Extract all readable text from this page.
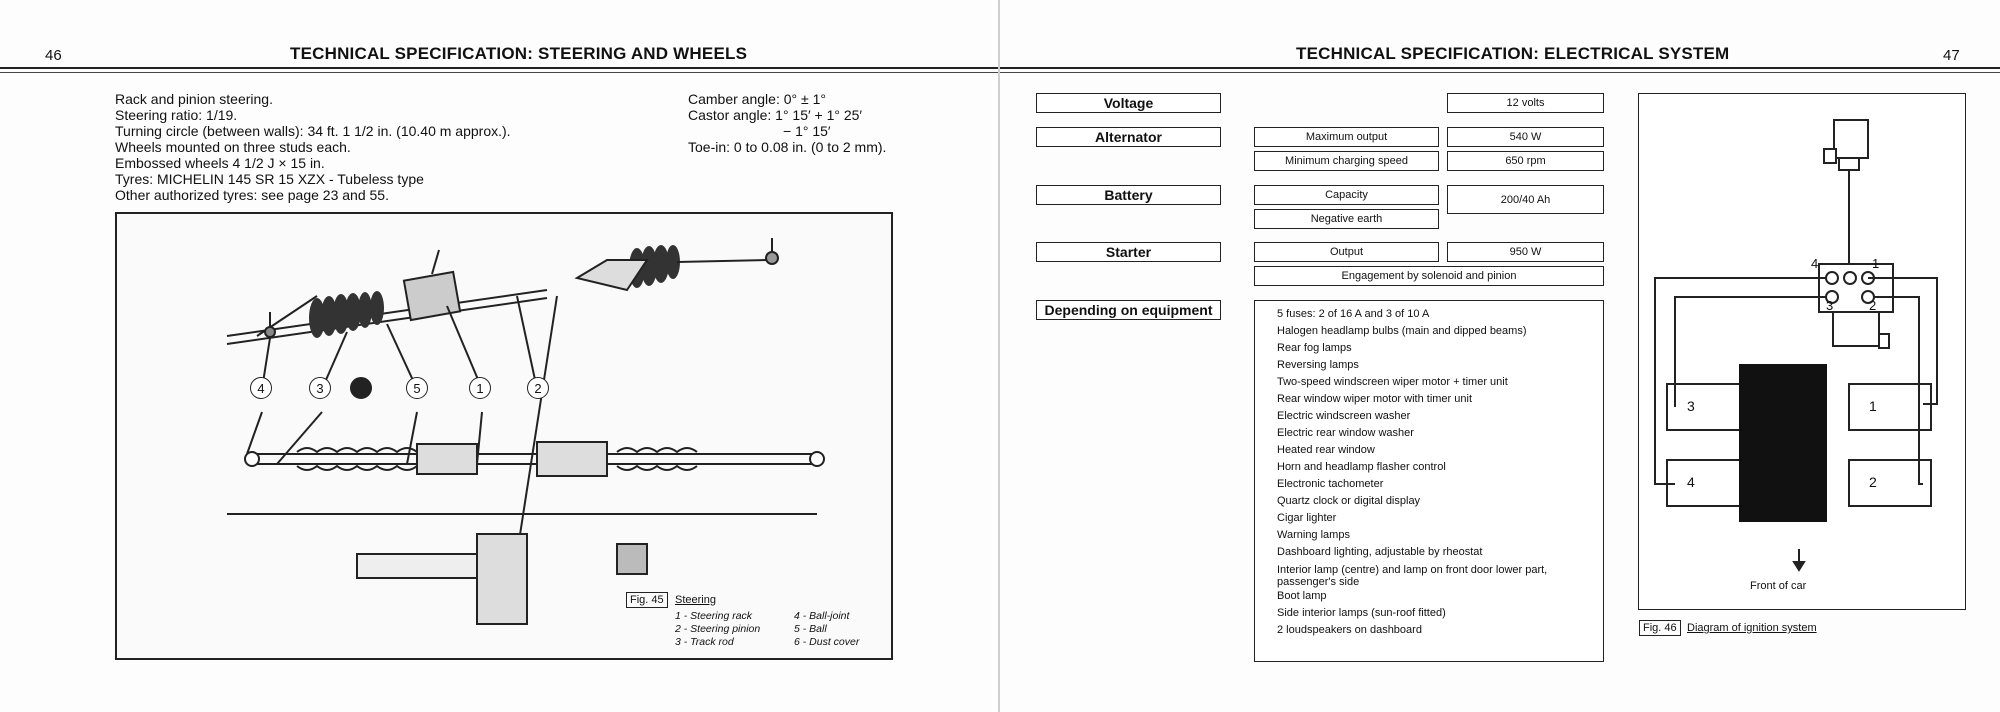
46	TECHNICAL SPECIFICATION: STEERING AND WHEELS
Rack and pinion steering.
Steering ratio: 1/19.
Turning circle (between walls): 34 ft. 1 1/2 in. (10.40 m approx.).
Wheels mounted on three studs each.
Embossed wheels 4 1/2 J × 15 in.
Tyres: MICHELIN 145 SR 15 XZX - Tubeless type
Other authorized tyres: see page 23 and 55.
Camber angle: 0° ± 1°
Castor angle: 1° 15′ + 1° 25′
− 1° 15′
Toe-in: 0 to 0.08 in. (0 to 2 mm).
4	3	6	5	1	2
Fig. 45	Steering
1 - Steering rack
2 - Steering pinion
3 - Track rod
4 - Ball-joint
5 - Ball
6 - Dust cover
TECHNICAL SPECIFICATION: ELECTRICAL SYSTEM	47
Voltage	12 volts
Alternator	Maximum output	540 W
Minimum charging speed	650 rpm
Battery	Capacity	200/40 Ah
Negative earth
Starter	Output	950 W
Engagement by solenoid and pinion
Depending on equipment	5 fuses: 2 of 16 A and 3 of 10 A
Halogen headlamp bulbs (main and dipped beams)
Rear fog lamps
Reversing lamps
Two-speed windscreen wiper motor + timer unit
Rear window wiper motor with timer unit
Electric windscreen washer
Electric rear window washer
Heated rear window
Horn and headlamp flasher control
Electronic tachometer
Quartz clock or digital display
Cigar lighter
Warning lamps
Dashboard lighting, adjustable by rheostat
Interior lamp (centre) and lamp on front door lower part,
passenger's side
Boot lamp
Side interior lamps (sun-roof fitted)
2 loudspeakers on dashboard
4	1
3	2
3	1
4	2
Front of car
Fig. 46 Diagram of ignition system
